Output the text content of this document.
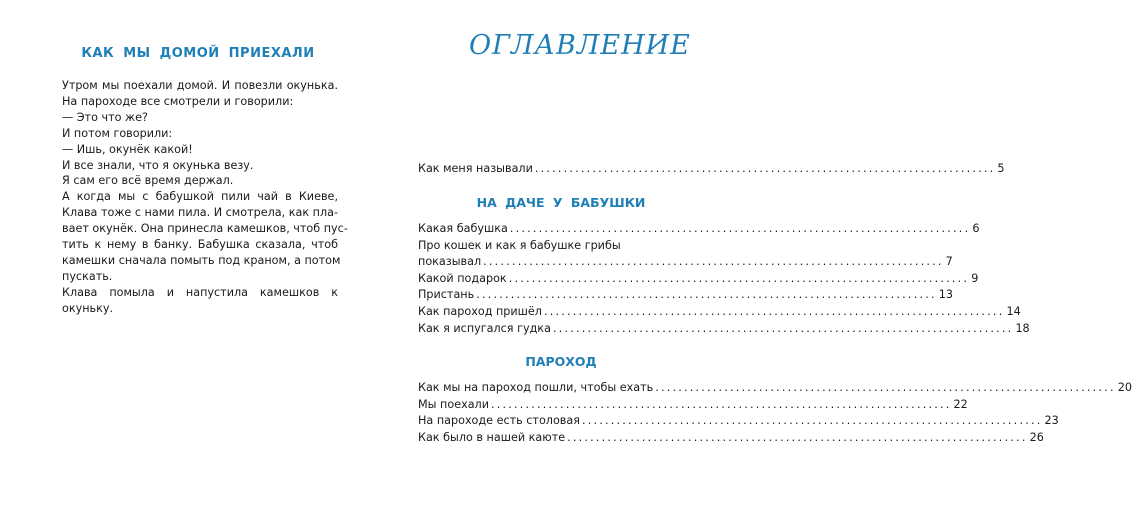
КАК МЫ ДОМОЙ ПРИЕХАЛИ
Утром мы поехали домой. И повезли окунька.
На пароходе все смотрели и говорили:
— Это что же?
И потом говорили:
— Ишь, окунёк какой!
И все знали, что я окунька везу.
Я сам его всё время держал.
А когда мы с бабушкой пили чай в Киеве,
Клава тоже с нами пила. И смотрела, как пла-
вает окунёк. Она принесла камешков, чтоб пус-
тить к нему в банку. Бабушка сказала, чтоб
камешки сначала помыть под краном, а потом
пускать.
Клава помыла и напустила камешков к
окуньку.
ОГЛАВЛЕНИЕ
Как меня называли ................................................................................ 5
НА ДАЧЕ У БАБУШКИ
Какая бабушка ................................................................................ 6
Про кошек и как я бабушке грибы
показывал ................................................................................ 7
Какой подарок ................................................................................ 9
Пристань ................................................................................ 13
Как пароход пришёл ................................................................................ 14
Как я испугался гудка ................................................................................ 18
ПАРОХОД
Как мы на пароход пошли, чтобы ехать ................................................................................ 20
Мы поехали ................................................................................ 22
На пароходе есть столовая ................................................................................ 23
Как было в нашей каюте ................................................................................ 26
